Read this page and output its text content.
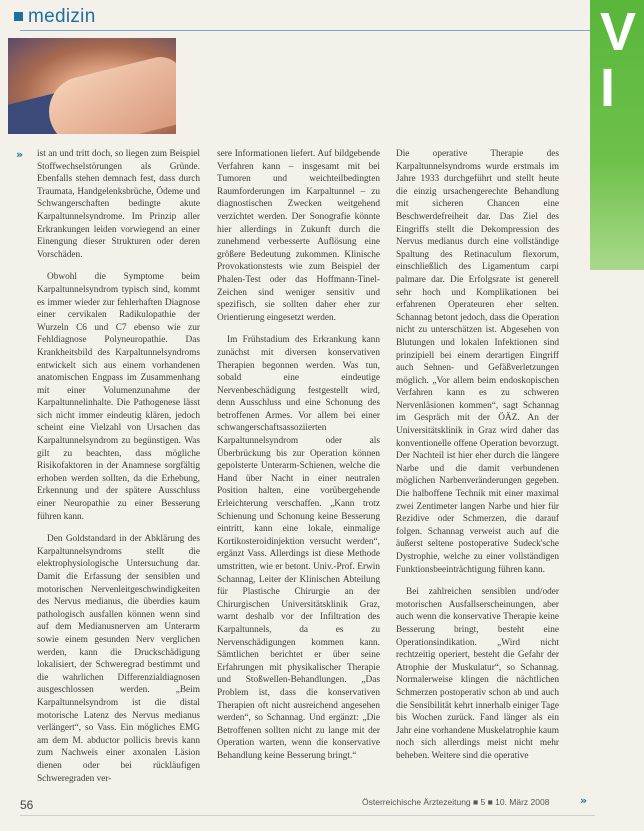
medizin	V
I
» ist an und tritt doch, so liegen zum Beispiel Stoffwechselstörungen als Gründe. Ebenfalls stehen demnach fest, dass durch Traumata, Handgelenksbrüche, Ödeme und Schwangerschaften bedingte akute Karpaltunnelsyndrome. Im Prinzip aller Erkrankungen leiden vorwiegend an einer Einengung dieser Strukturen oder deren Vorschäden.

Obwohl die Symptome beim Karpaltunnelsyndrom typisch sind, kommt es immer wieder zur fehlerhaften Diagnose einer cervikalen Radikulopathie der Wurzeln C6 und C7 ebenso wie zur Fehldiagnose Polyneuropathie. Das Krankheitsbild des Karpaltunnelsyndroms entwickelt sich aus einem vorhandenen anatomischen Engpass im Zusammenhang mit einer Volumenzunahme der Karpaltunnelinhalte. Die Pathogenese lässt sich nicht immer eindeutig klären, jedoch scheint eine Vielzahl von Ursachen das Karpaltunnelsyndrom zu begünstigen. Was gilt zu beachten, dass mögliche Risikofaktoren in der Anamnese sorgfältig erhoben werden sollten, da die Erhebung, Erkennung und der spätere Ausschluss einer Neuropathie zu einer Besserung führen kann.

Den Goldstandard in der Abklärung des Karpaltunnelsyndroms stellt die elektrophysiologische Untersuchung dar. Damit die Erfassung der sensiblen und motorischen Nervenleitgeschwindigkeiten des Nervus medianus, die überdies kaum pathologisch ausfallen können wenn sind auf dem Medianusnerven am Unterarm sowie einem gesunden Nerv verglichen werden, kann die Druckschädigung lokalisiert, der Schweregrad bestimmt und die wahrlichen Differenzialdiagnosen ausgeschlossen werden. „Beim Karpaltunnelsyndrom ist die distal motorische Latenz des Nervus medianus verlängert“, so Vass. Ein mögliches EMG am dem M. abductor pollicis brevis kann zum Nachweis einer axonalen Läsion dienen oder bei rückläufigen Schweregraden ver-

sere Informationen liefert. Auf bildgebende Verfahren kann – insgesamt mit bei Tumoren und weichteilbedingten Raumforderungen im Karpaltunnel – zu diagnostischen Zwecken weitgehend verzichtet werden. Der Sonografie könnte hier allerdings in Zukunft durch die zunehmend verbesserte Auflösung eine größere Bedeutung zukommen. Klinische Provokationstests wie zum Beispiel der Phalen-Test oder das Hoffmann-Tinel-Zeichen sind weniger sensitiv und spezifisch, sie sollten daher eher zur Orientierung eingesetzt werden.

Im Frühstadium des Erkrankung kann zunächst mit diversen konservativen Therapien begonnen werden. Was tun, sobald eine eindeutige Nervenbeschädigung festgestellt wird, denn Ausschluss und eine Schonung des betroffenen Armes. Vor allem bei einer schwangerschaftsassoziierten Karpaltunnelsyndrom oder als Überbrückung bis zur Operation können gepolsterte Unterarm-Schienen, welche die Hand über Nacht in einer neutralen Position halten, eine vorübergehende Erleichterung verschaffen. „Kann trotz Schienung und Schonung keine Besserung eintritt, kann eine lokale, einmalige Kortikosteroidinjektion versucht werden“, ergänzt Vass. Allerdings ist diese Methode umstritten, wie er betont. Univ.-Prof. Erwin Schannag, Leiter der Klinischen Abteilung für Plastische Chirurgie an der Chirurgischen Universitätsklinik Graz, warnt deshalb vor der Infiltration des Karpaltunnels, da es zu Nervenschädigungen kommen kann. Sämtlichen berichtet er über seine Erfahrungen mit physikalischer Therapie und Stoßwellen-Behandlungen. „Das Problem ist, dass die konservativen Therapien oft nicht ausreichend angesehen werden“, so Schannag. Und ergänzt: „Die Betroffenen sollten nicht zu lange mit der Operation warten, wenn die konservative Behandlung keine Besserung bringt.“

Die operative Therapie des Karpaltunnelsyndroms wurde erstmals im Jahre 1933 durchgeführt und stellt heute die einzig ursachengerechte Behandlung mit sicheren Chancen eine Beschwerdefreiheit dar. Das Ziel des Eingriffs stellt die Dekompression des Nervus medianus durch eine vollständige Spaltung des Retinaculum flexorum, einschließlich des Ligamentum carpi palmare dar. Die Erfolgsrate ist generell sehr hoch und Komplikationen bei erfahrenen Operateuren eher selten. Schannag betont jedoch, dass die Operation nicht zu unterschätzen ist. Abgesehen von Blutungen und lokalen Infektionen sind prinzipiell bei einem derartigen Eingriff auch Sehnen- und Gefäßverletzungen möglich. „Vor allem beim endoskopischen Verfahren kann es zu schweren Nervenläsionen kommen“, sagt Schannag im Gespräch mit der ÖÄZ. An der Universitätsklinik in Graz wird daher das konventionelle offene Operation bevorzugt. Der Nachteil ist hier eher durch die längere Narbe und die damit verbundenen möglichen Narbenveränderungen gegeben. Die halboffene Technik mit einer maximal zwei Zentimeter langen Narbe und hier für Rezidive oder Schmerzen, die darauf folgen. Schannag verweist auch auf die äußerst seltene postoperative Sudeck'sche Dystrophie, welche zu einer vollständigen Funktionsbeeinträchtigung führen kann.

Bei zahlreichen sensiblen und/oder motorischen Ausfallserscheinungen, aber auch wenn die konservative Therapie keine Besserung bringt, besteht eine Operationsindikation. „Wird nicht rechtzeitig operiert, besteht die Gefahr der Atrophie der Muskulatur“, so Schannag. Normalerweise klingen die nächtlichen Schmerzen postoperativ schon ab und auch die Sensibilität kehrt innerhalb einiger Tage bis Wochen zurück. Fand länger als ein Jahr eine vorhandene Muskelatrophie kaum noch sich allerdings meist nicht mehr beheben. Weitere sind die operative

»
56	Österreichische Ärztezeitung ■ 5 ■ 10. März 2008
